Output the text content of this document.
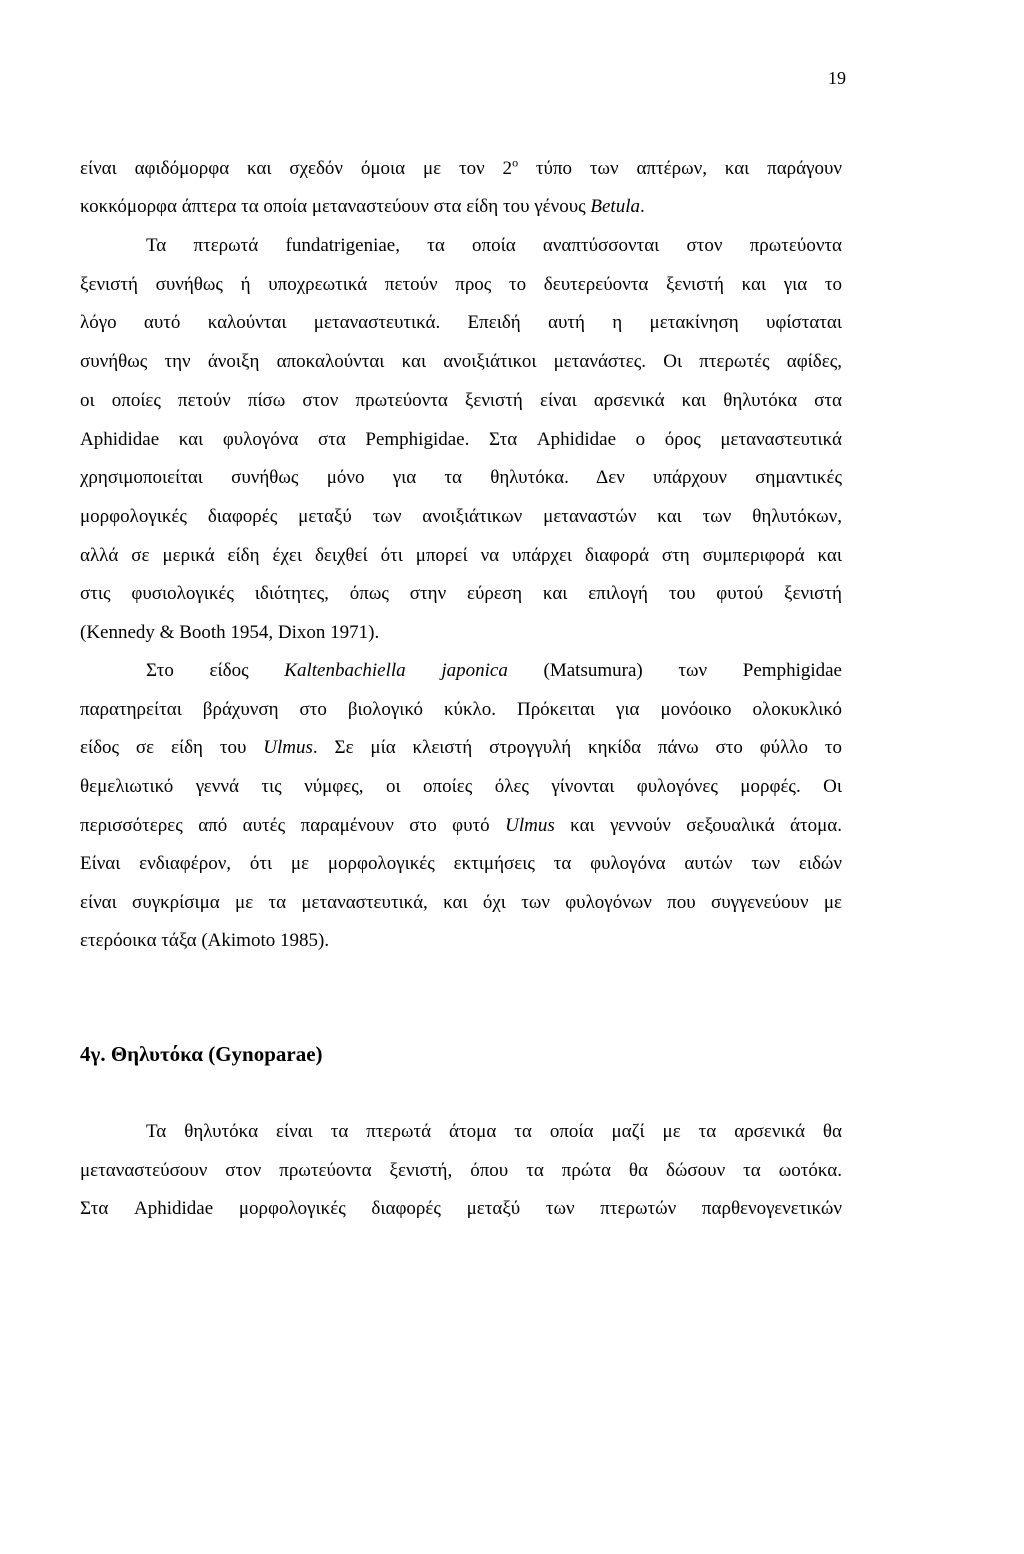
19
είναι αφιδόμορφα και σχεδόν όμοια με τον $2^o$ τύπο των απτέρων, και παράγουν
κοκκόμορφα άπτερα τα οποία μεταναστεύουν στα είδη του γένους Betula.
Τα πτερωτά fundatrigeniae, τα οποία αναπτύσσονται στον πρωτεύοντα
ξενιστή συνήθως ή υποχρεωτικά πετούν προς το δευτερεύοντα ξενιστή και για το
λόγο αυτό καλούνται μεταναστευτικά. Επειδή αυτή η μετακίνηση υφίσταται
συνήθως την άνοιξη αποκαλούνται και ανοιξιάτικοι μετανάστες. Οι πτερωτές αφίδες,
οι οποίες πετούν πίσω στον πρωτεύοντα ξενιστή είναι αρσενικά και θηλυτόκα στα
Aphididae και φυλογόνα στα Pemphigidae. Στα Aphididae ο όρος μεταναστευτικά
χρησιμοποιείται συνήθως μόνο για τα θηλυτόκα. Δεν υπάρχουν σημαντικές
μορφολογικές διαφορές μεταξύ των ανοιξιάτικων μεταναστών και των θηλυτόκων,
αλλά σε μερικά είδη έχει δειχθεί ότι μπορεί να υπάρχει διαφορά στη συμπεριφορά και
στις φυσιολογικές ιδιότητες, όπως στην εύρεση και επιλογή του φυτού ξενιστή
(Kennedy & Booth 1954, Dixon 1971).
Στο είδος Kaltenbachiella japonica (Matsumura) των Pemphigidae
παρατηρείται βράχυνση στο βιολογικό κύκλο. Πρόκειται για μονόοικο ολοκυκλικό
είδος σε είδη του Ulmus. Σε μία κλειστή στρογγυλή κηκίδα πάνω στο φύλλο το
θεμελιωτικό γεννά τις νύμφες, οι οποίες όλες γίνονται φυλογόνες μορφές. Οι
περισσότερες από αυτές παραμένουν στο φυτό Ulmus και γεννούν σεξουαλικά άτομα.
Είναι ενδιαφέρον, ότι με μορφολογικές εκτιμήσεις τα φυλογόνα αυτών των ειδών
είναι συγκρίσιμα με τα μεταναστευτικά, και όχι των φυλογόνων που συγγενεύουν με
ετερόοικα τάξα (Akimoto 1985).
4γ. Θηλυτόκα (Gynoparae)
Τα θηλυτόκα είναι τα πτερωτά άτομα τα οποία μαζί με τα αρσενικά θα
μεταναστεύσουν στον πρωτεύοντα ξενιστή, όπου τα πρώτα θα δώσουν τα ωοτόκα.
Στα Aphididae μορφολογικές διαφορές μεταξύ των πτερωτών παρθενογενετικών
